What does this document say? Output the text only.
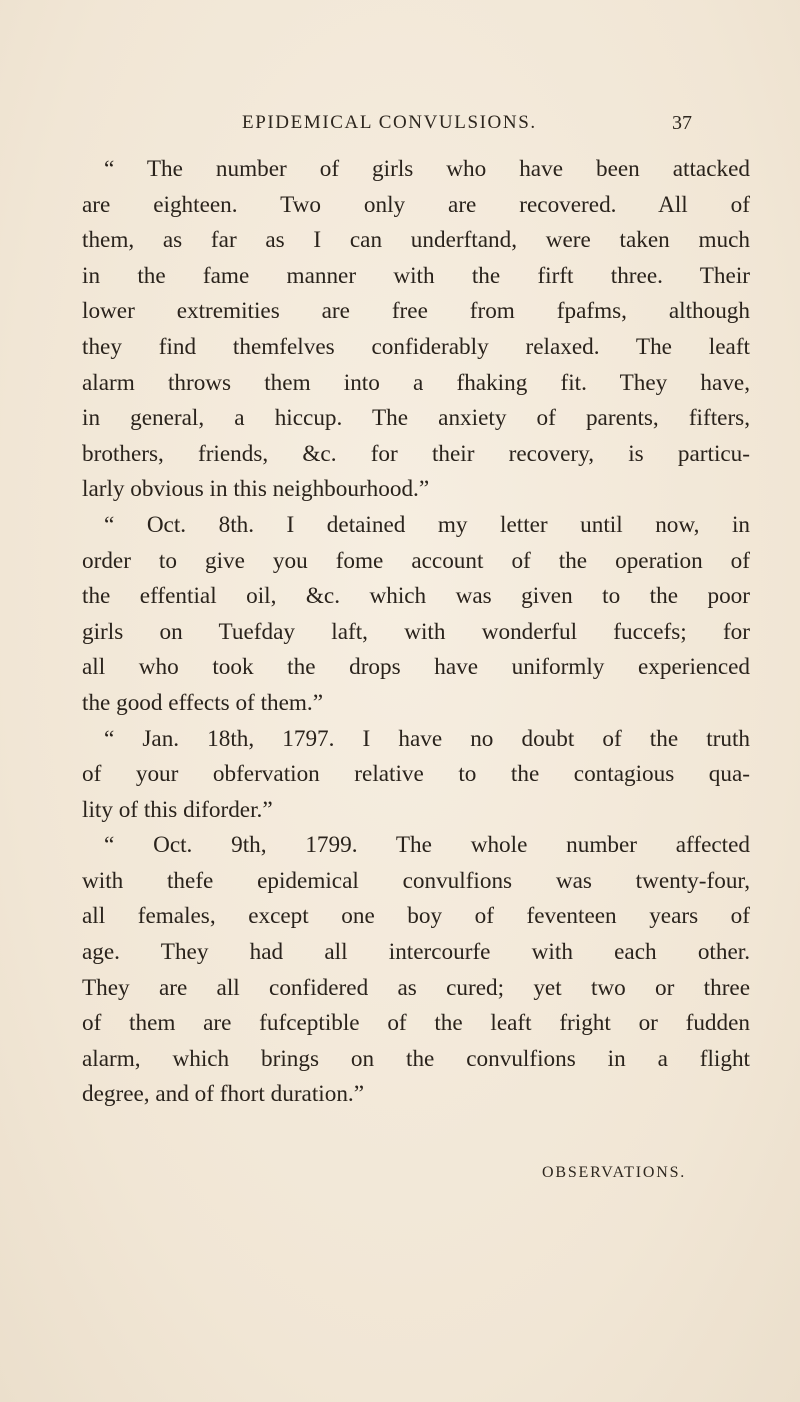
EPIDEMICAL CONVULSIONS.	37
“ The number of girls who have been attacked
are eighteen. Two only are recovered. All of
them, as far as I can underftand, were taken much
in the fame manner with the firft three. Their
lower extremities are free from fpafms, although
they find themfelves confiderably relaxed. The leaft
alarm throws them into a fhaking fit. They have,
in general, a hiccup. The anxiety of parents, fifters,
brothers, friends, &c. for their recovery, is particu-
larly obvious in this neighbourhood.”
“ Oct. 8th. I detained my letter until now, in
order to give you fome account of the operation of
the effential oil, &c. which was given to the poor
girls on Tuefday laft, with wonderful fuccefs; for
all who took the drops have uniformly experienced
the good effects of them.”
“ Jan. 18th, 1797. I have no doubt of the truth
of your obfervation relative to the contagious qua-
lity of this diforder.”
“ Oct. 9th, 1799. The whole number affected
with thefe epidemical convulfions was twenty-four,
all females, except one boy of feventeen years of
age. They had all intercourfe with each other.
They are all confidered as cured; yet two or three
of them are fufceptible of the leaft fright or fudden
alarm, which brings on the convulfions in a flight
degree, and of fhort duration.”
OBSERVATIONS.
